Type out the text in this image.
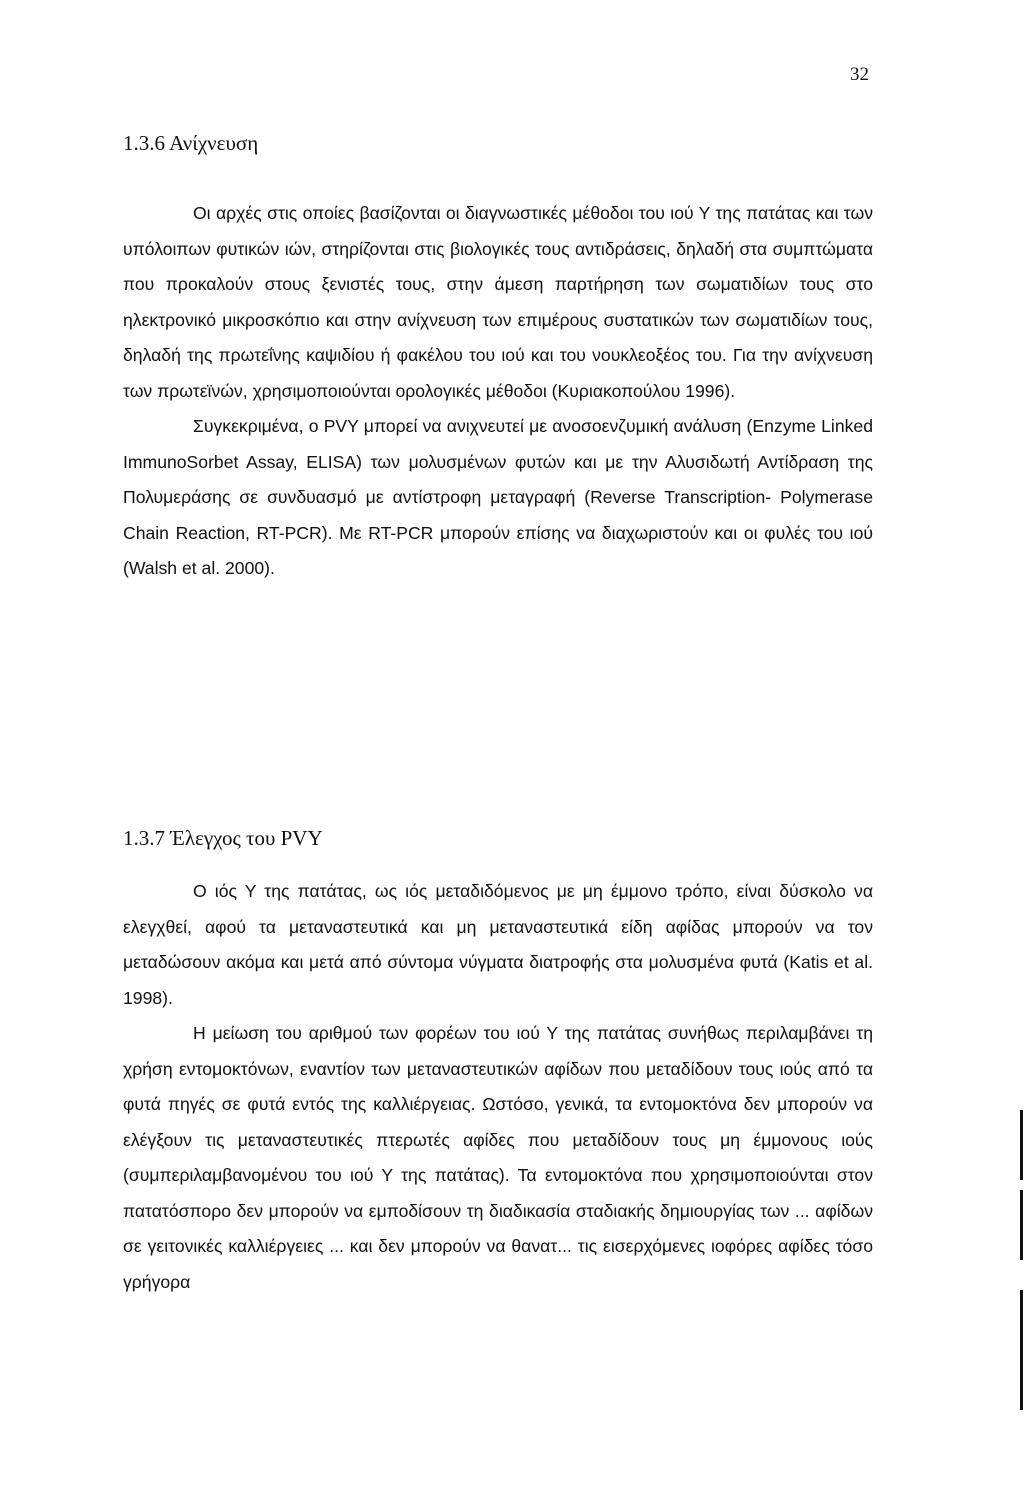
32
1.3.6 Ανίχνευση

Οι αρχές στις οποίες βασίζονται οι διαγνωστικές μέθοδοι του ιού Υ της πατάτας και των υπόλοιπων φυτικών ιών, στηρίζονται στις βιολογικές τους αντιδράσεις, δηλαδή στα συμπτώματα που προκαλούν στους ξενιστές τους, στην άμεση παρτήρηση των σωματιδίων τους στο ηλεκτρονικό μικροσκόπιο και στην ανίχνευση των επιμέρους συστατικών των σωματιδίων τους, δηλαδή της πρωτεΐνης καψιδίου ή φακέλου του ιού και του νουκλεοξέος του. Για την ανίχνευση των πρωτεϊνών, χρησιμοποιούνται ορολογικές μέθοδοι (Κυριακοπούλου 1996).

Συγκεκριμένα, ο PVY μπορεί να ανιχνευτεί με ανοσοενζυμική ανάλυση (Enzyme Linked ImmunoSorbet Assay, ELISA) των μολυσμένων φυτών και με την Αλυσιδωτή Αντίδραση της Πολυμεράσης σε συνδυασμό με αντίστροφη μεταγραφή (Reverse Transcription- Polymerase Chain Reaction, RT-PCR). Με RT-PCR μπορούν επίσης να διαχωριστούν και οι φυλές του ιού (Walsh et al. 2000).

1.3.7 Έλεγχος του PVY

Ο ιός Υ της πατάτας, ως ιός μεταδιδόμενος με μη έμμονο τρόπο, είναι δύσκολο να ελεγχθεί, αφού τα μεταναστευτικά και μη μεταναστευτικά είδη αφίδας μπορούν να τον μεταδώσουν ακόμα και μετά από σύντομα νύγματα διατροφής στα μολυσμένα φυτά (Katis et al. 1998).

Η μείωση του αριθμού των φορέων του ιού Υ της πατάτας συνήθως περιλαμβάνει τη χρήση εντομοκτόνων, εναντίον των μεταναστευτικών αφίδων που μεταδίδουν τους ιούς από τα φυτά πηγές σε φυτά εντός της καλλιέργειας. Ωστόσο, γενικά, τα εντομοκτόνα δεν μπορούν να ελέγξουν τις μεταναστευτικές πτερωτές αφίδες που μεταδίδουν τους μη έμμονους ιούς (συμπεριλαμβανομένου του ιού Υ της πατάτας). Τα εντομοκτόνα που χρησιμοποιούνται στον πατατόσπορο δεν μπορούν να εμποδίσουν τη διαδικασία σταδιακής δημιουργίας των ... αφίδων σε γειτονικές καλλιέργειες ... και δεν μπορούν να θανατ... τις εισερχόμενες ιοφόρες αφίδες τόσο γρήγορα
